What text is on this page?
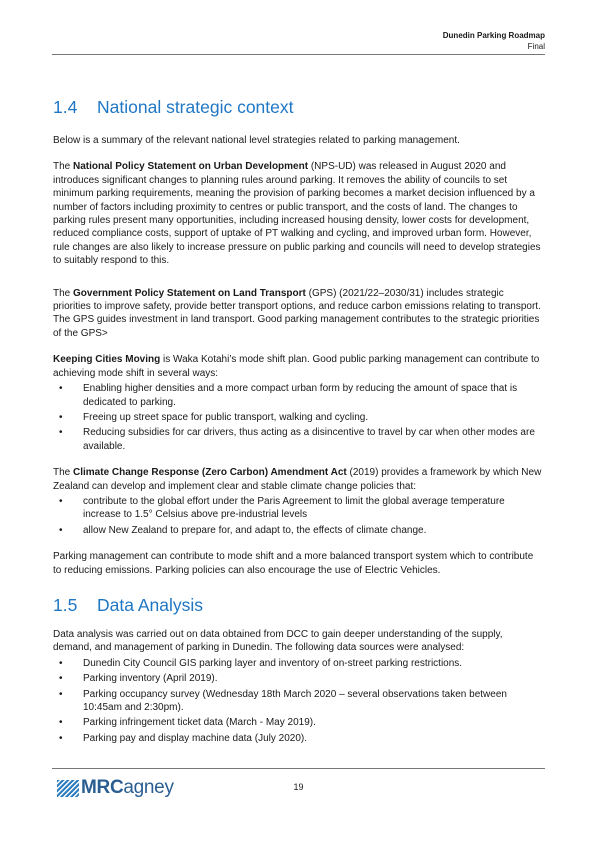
Dunedin Parking Roadmap
Final
1.4 National strategic context

Below is a summary of the relevant national level strategies related to parking management.

The National Policy Statement on Urban Development (NPS-UD) was released in August 2020 and introduces significant changes to planning rules around parking. It removes the ability of councils to set minimum parking requirements, meaning the provision of parking becomes a market decision influenced by a number of factors including proximity to centres or public transport, and the costs of land. The changes to parking rules present many opportunities, including increased housing density, lower costs for development, reduced compliance costs, support of uptake of PT walking and cycling, and improved urban form. However, rule changes are also likely to increase pressure on public parking and councils will need to develop strategies to suitably respond to this.

The Government Policy Statement on Land Transport (GPS) (2021/22–2030/31) includes strategic priorities to improve safety, provide better transport options, and reduce carbon emissions relating to transport. The GPS guides investment in land transport. Good parking management contributes to the strategic priorities of the GPS>

Keeping Cities Moving is Waka Kotahi’s mode shift plan. Good public parking management can contribute to achieving mode shift in several ways:

• Enabling higher densities and a more compact urban form by reducing the amount of space that is dedicated to parking.
• Freeing up street space for public transport, walking and cycling.
• Reducing subsidies for car drivers, thus acting as a disincentive to travel by car when other modes are available.

The Climate Change Response (Zero Carbon) Amendment Act (2019) provides a framework by which New Zealand can develop and implement clear and stable climate change policies that:

• contribute to the global effort under the Paris Agreement to limit the global average temperature increase to 1.5° Celsius above pre-industrial levels
• allow New Zealand to prepare for, and adapt to, the effects of climate change.

Parking management can contribute to mode shift and a more balanced transport system which to contribute to reducing emissions. Parking policies can also encourage the use of Electric Vehicles.

1.5 Data Analysis

Data analysis was carried out on data obtained from DCC to gain deeper understanding of the supply, demand, and management of parking in Dunedin. The following data sources were analysed:

• Dunedin City Council GIS parking layer and inventory of on-street parking restrictions.
• Parking inventory (April 2019).
• Parking occupancy survey (Wednesday 18th March 2020 – several observations taken between 10:45am and 2:30pm).
• Parking infringement ticket data (March - May 2019).
• Parking pay and display machine data (July 2020).
MRCagney	19
